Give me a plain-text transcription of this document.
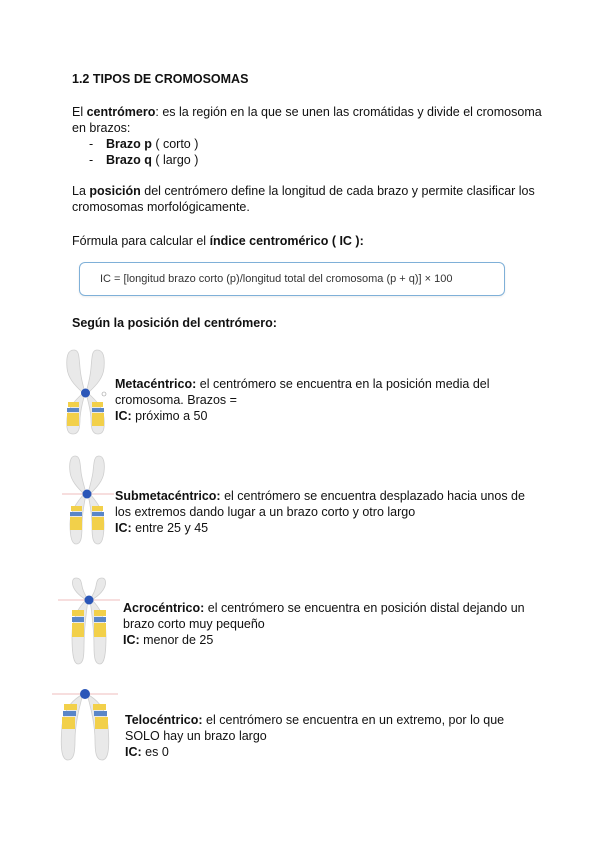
1.2 TIPOS DE CROMOSOMAS
El centrómero: es la región en la que se unen las cromátidas y divide el cromosoma
en brazos:
- Brazo p ( corto )
- Brazo q ( largo )
La posición del centrómero define la longitud de cada brazo y permite clasificar los
cromosomas morfológicamente.
Fórmula para calcular el índice centromérico ( IC ):
IC = [longitud brazo corto (p)/longitud total del cromosoma (p + q)] × 100
Según la posición del centrómero:
Metacéntrico: el centrómero se encuentra en la posición media del
cromosoma. Brazos =
IC: próximo a 50
Submetacéntrico: el centrómero se encuentra desplazado hacia unos de
los extremos dando lugar a un brazo corto y otro largo
IC: entre 25 y 45
Acrocéntrico: el centrómero se encuentra en posición distal dejando un
brazo corto muy pequeño
IC: menor de 25
Telocéntrico: el centrómero se encuentra en un extremo, por lo que
SOLO hay un brazo largo
IC: es 0
